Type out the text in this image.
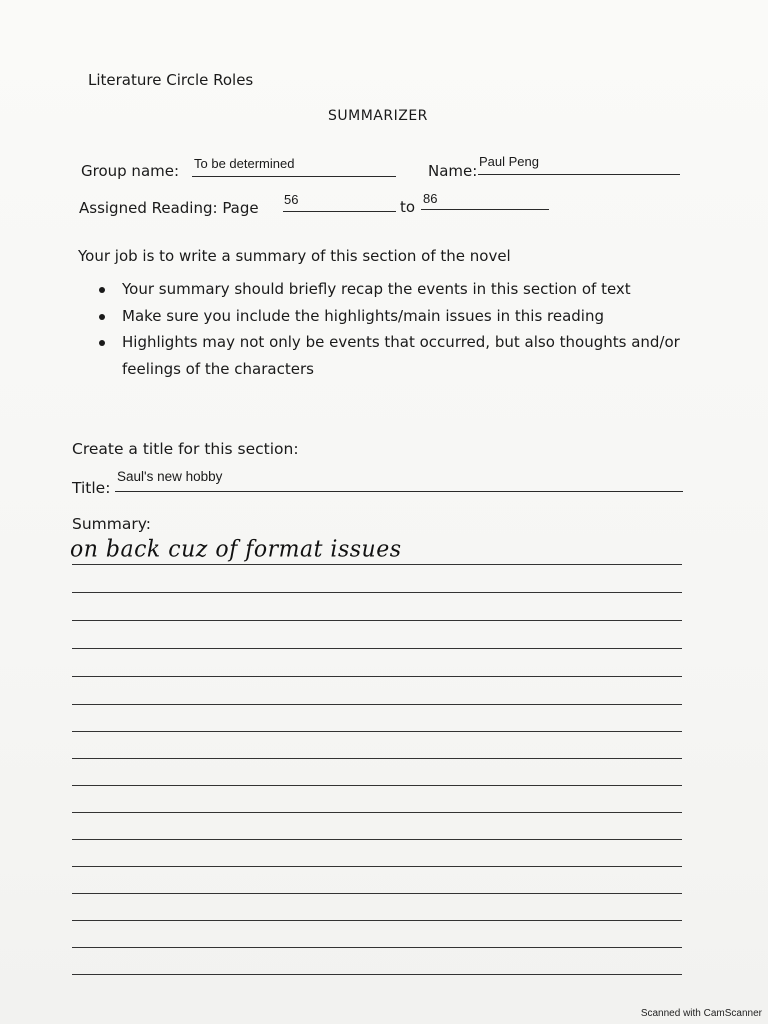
Literature Circle Roles
SUMMARIZER
Group name: To be determined	Name:
Paul Peng
Assigned Reading: Page 56	to 86
Your job is to write a summary of this section of the novel
Your summary should briefly recap the events in this section of text
Make sure you include the highlights/main issues in this reading
Highlights may not only be events that occurred, but also thoughts and/or feelings of the characters
Create a title for this section:
Title:
Saul's new hobby
Summary:
on back cuz of format issues
Scanned with CamScanner
